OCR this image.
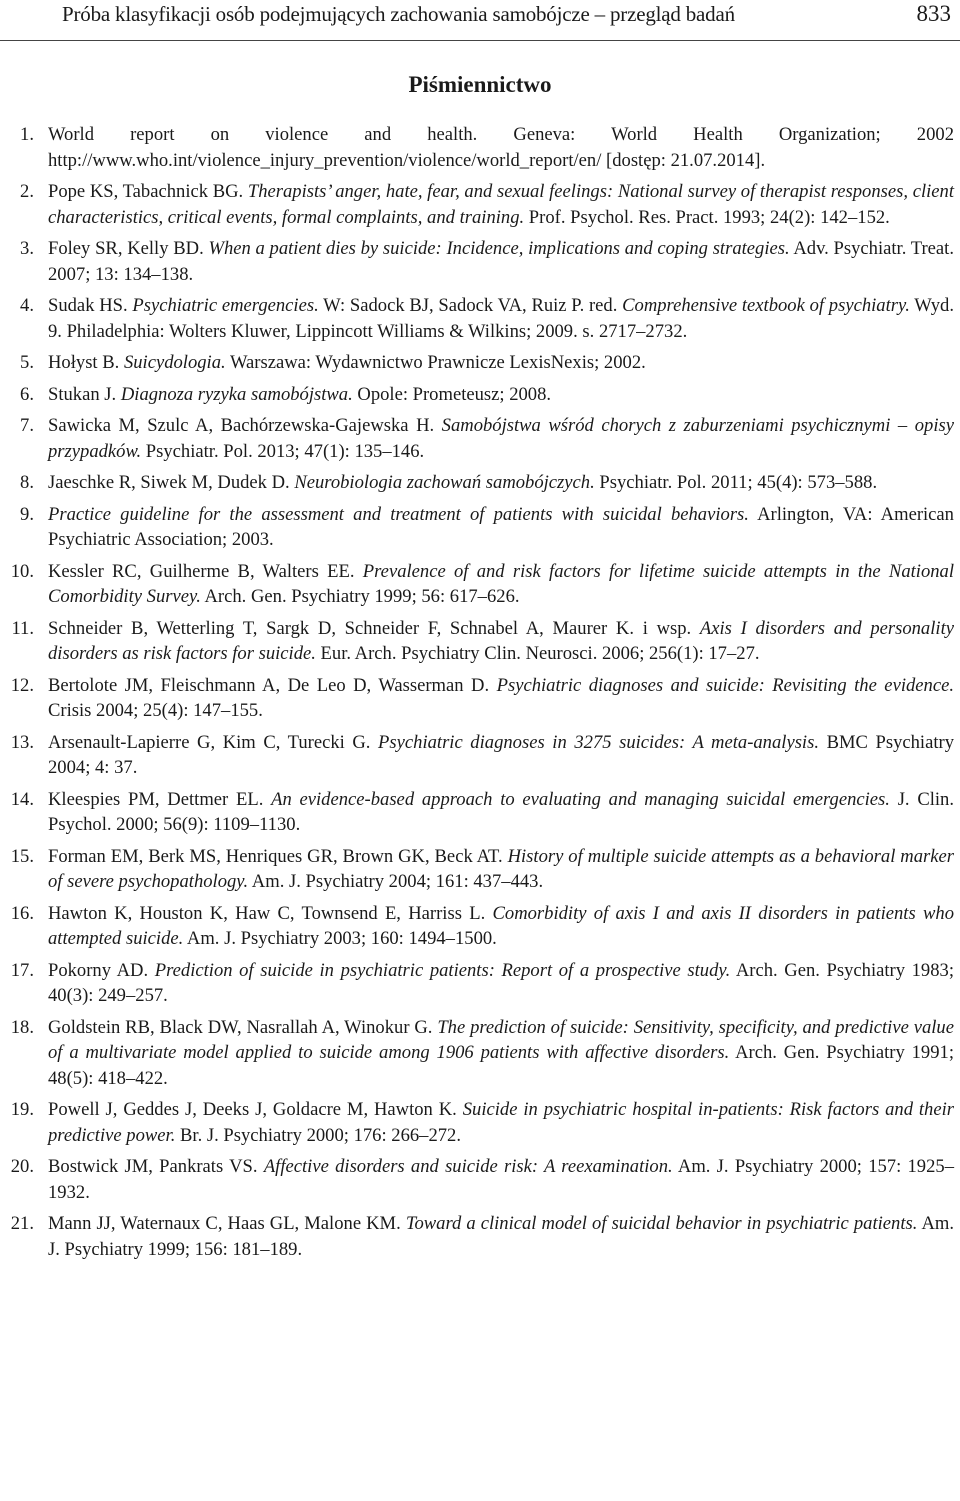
Próba klasyfikacji osób podejmujących zachowania samobójcze – przegląd badań	833
Piśmiennictwo
1. World report on violence and health. Geneva: World Health Organization; 2002 http://www.who.int/violence_injury_prevention/violence/world_report/en/ [dostęp: 21.07.2014].
2. Pope KS, Tabachnick BG. Therapists’ anger, hate, fear, and sexual feelings: National survey of therapist responses, client characteristics, critical events, formal complaints, and training. Prof. Psychol. Res. Pract. 1993; 24(2): 142–152.
3. Foley SR, Kelly BD. When a patient dies by suicide: Incidence, implications and coping strategies. Adv. Psychiatr. Treat. 2007; 13: 134–138.
4. Sudak HS. Psychiatric emergencies. W: Sadock BJ, Sadock VA, Ruiz P. red. Comprehensive textbook of psychiatry. Wyd. 9. Philadelphia: Wolters Kluwer, Lippincott Williams & Wilkins; 2009. s. 2717–2732.
5. Hołyst B. Suicydologia. Warszawa: Wydawnictwo Prawnicze LexisNexis; 2002.
6. Stukan J. Diagnoza ryzyka samobójstwa. Opole: Prometeusz; 2008.
7. Sawicka M, Szulc A, Bachórzewska-Gajewska H. Samobójstwa wśród chorych z zaburzeniami psychicznymi – opisy przypadków. Psychiatr. Pol. 2013; 47(1): 135–146.
8. Jaeschke R, Siwek M, Dudek D. Neurobiologia zachowań samobójczych. Psychiatr. Pol. 2011; 45(4): 573–588.
9. Practice guideline for the assessment and treatment of patients with suicidal behaviors. Arlington, VA: American Psychiatric Association; 2003.
10. Kessler RC, Guilherme B, Walters EE. Prevalence of and risk factors for lifetime suicide attempts in the National Comorbidity Survey. Arch. Gen. Psychiatry 1999; 56: 617–626.
11. Schneider B, Wetterling T, Sargk D, Schneider F, Schnabel A, Maurer K. i wsp. Axis I disorders and personality disorders as risk factors for suicide. Eur. Arch. Psychiatry Clin. Neurosci. 2006; 256(1): 17–27.
12. Bertolote JM, Fleischmann A, De Leo D, Wasserman D. Psychiatric diagnoses and suicide: Revisiting the evidence. Crisis 2004; 25(4): 147–155.
13. Arsenault-Lapierre G, Kim C, Turecki G. Psychiatric diagnoses in 3275 suicides: A meta-analysis. BMC Psychiatry 2004; 4: 37.
14. Kleespies PM, Dettmer EL. An evidence-based approach to evaluating and managing suicidal emergencies. J. Clin. Psychol. 2000; 56(9): 1109–1130.
15. Forman EM, Berk MS, Henriques GR, Brown GK, Beck AT. History of multiple suicide attempts as a behavioral marker of severe psychopathology. Am. J. Psychiatry 2004; 161: 437–443.
16. Hawton K, Houston K, Haw C, Townsend E, Harriss L. Comorbidity of axis I and axis II disorders in patients who attempted suicide. Am. J. Psychiatry 2003; 160: 1494–1500.
17. Pokorny AD. Prediction of suicide in psychiatric patients: Report of a prospective study. Arch. Gen. Psychiatry 1983; 40(3): 249–257.
18. Goldstein RB, Black DW, Nasrallah A, Winokur G. The prediction of suicide: Sensitivity, specificity, and predictive value of a multivariate model applied to suicide among 1906 patients with affective disorders. Arch. Gen. Psychiatry 1991; 48(5): 418–422.
19. Powell J, Geddes J, Deeks J, Goldacre M, Hawton K. Suicide in psychiatric hospital in-patients: Risk factors and their predictive power. Br. J. Psychiatry 2000; 176: 266–272.
20. Bostwick JM, Pankrats VS. Affective disorders and suicide risk: A reexamination. Am. J. Psychiatry 2000; 157: 1925–1932.
21. Mann JJ, Waternaux C, Haas GL, Malone KM. Toward a clinical model of suicidal behavior in psychiatric patients. Am. J. Psychiatry 1999; 156: 181–189.
